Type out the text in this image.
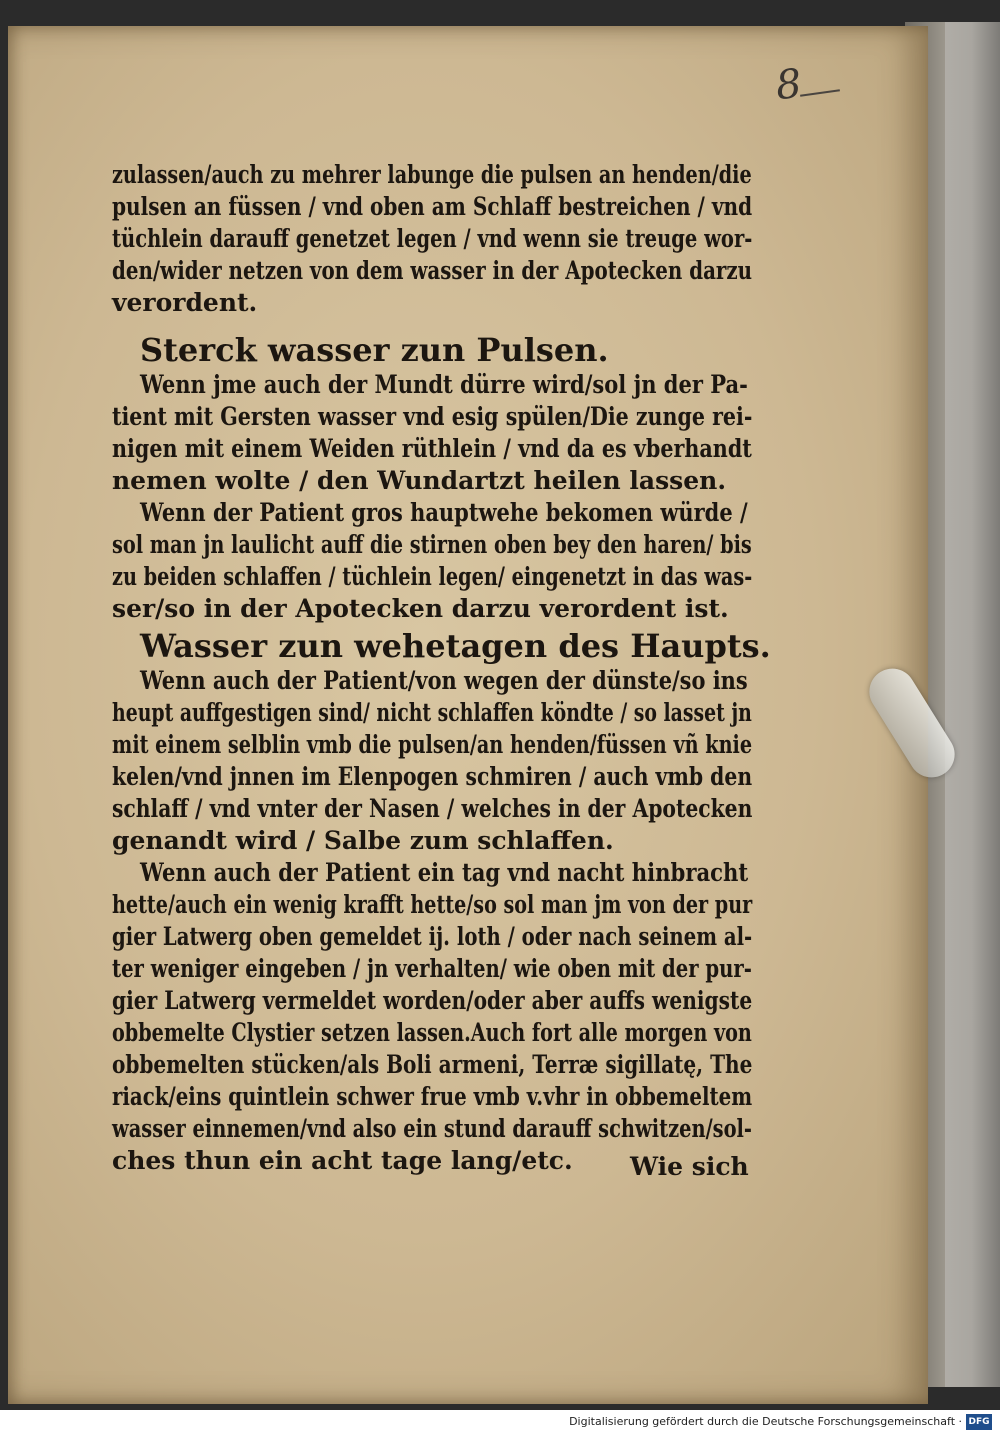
8
zulassen/auch zu mehrer labunge die pulsen an henden/die
pulsen an füssen / vnd oben am Schlaff bestreichen / vnd
tüchlein darauff genetzet legen / vnd wenn sie treuge wor-
den/wider netzen von dem wasser in der Apotecken darzu
verordent.
Sterck wasser zun Pulsen.
Wenn jme auch der Mundt dürre wird/sol jn der Pa-
tient mit Gersten wasser vnd esig spülen/Die zunge rei-
nigen mit einem Weiden rüthlein / vnd da es vberhandt
nemen wolte / den Wundartzt heilen lassen.
Wenn der Patient gros hauptwehe bekomen würde /
sol man jn laulicht auff die stirnen oben bey den haren/ bis
zu beiden schlaffen / tüchlein legen/ eingenetzt in das was-
ser/so in der Apotecken darzu verordent ist.
Wasser zun wehetagen des Haupts.
Wenn auch der Patient/von wegen der dünste/so ins
heupt auffgestigen sind/ nicht schlaffen köndte / so lasset jn
mit einem selblin vmb die pulsen/an henden/füssen vñ knie
kelen/vnd jnnen im Elenpogen schmiren / auch vmb den
schlaff / vnd vnter der Nasen / welches in der Apotecken
genandt wird / Salbe zum schlaffen.
Wenn auch der Patient ein tag vnd nacht hinbracht
hette/auch ein wenig krafft hette/so sol man jm von der pur
gier Latwerg oben gemeldet ij. loth / oder nach seinem al-
ter weniger eingeben / jn verhalten/ wie oben mit der pur-
gier Latwerg vermeldet worden/oder aber auffs wenigste
obbemelte Clystier setzen lassen.Auch fort alle morgen von
obbemelten stücken/als Boli armeni, Terræ sigillatę, The
riack/eins quintlein schwer frue vmb v.vhr in obbemeltem
wasser einnemen/vnd also ein stund darauff schwitzen/sol-
ches thun ein acht tage lang/etc. Wie sich
Digitalisierung gefördert durch die Deutsche Forschungsgemeinschaft · DFG
